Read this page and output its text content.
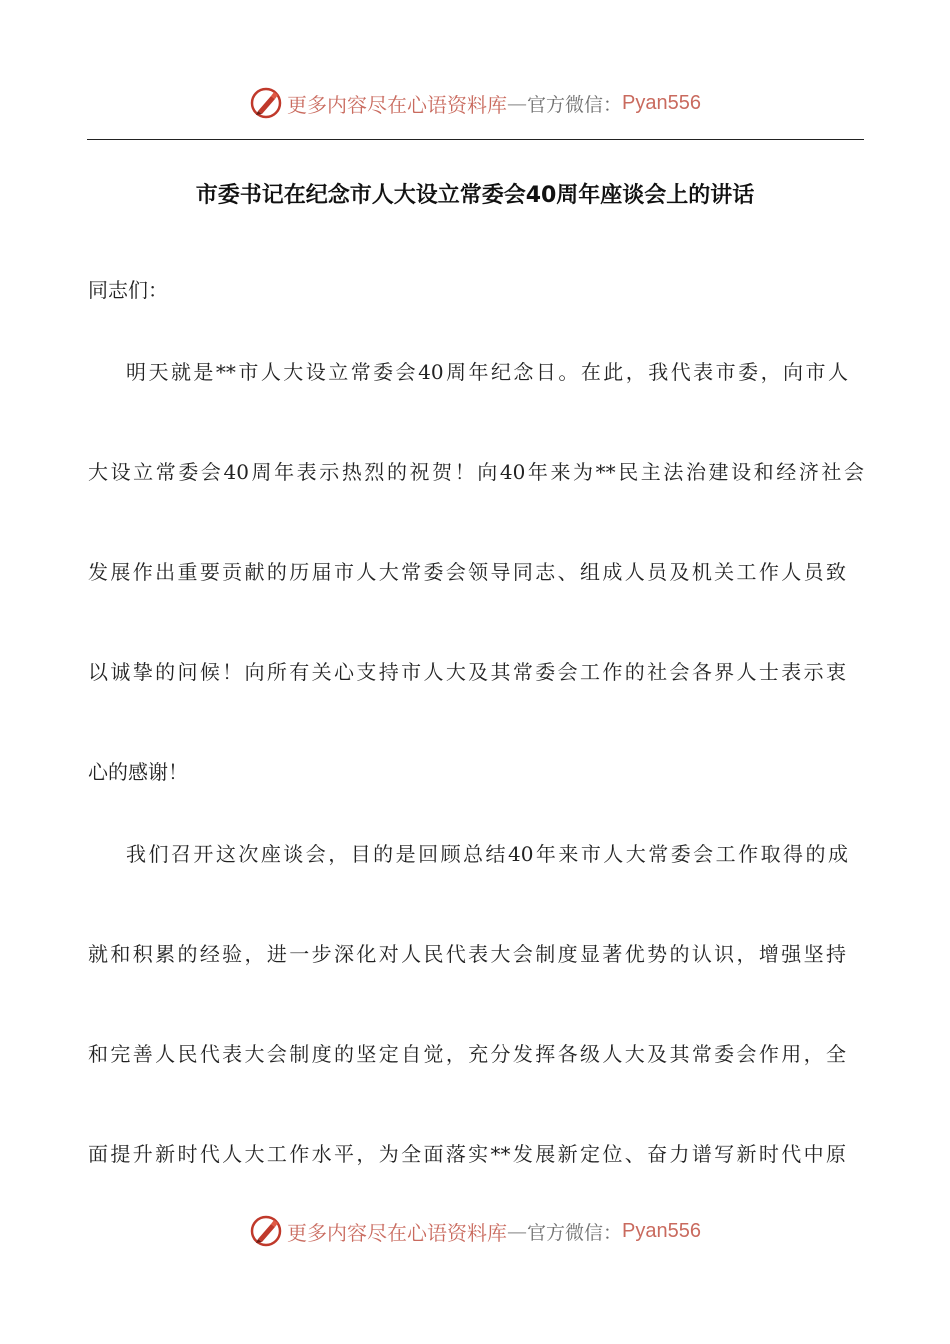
更多内容尽在心语资料库 — 官方微信： Pyan556
市委书记在纪念市人大设立常委会40周年座谈会上的讲话
同志们：
明天就是**市人大设立常委会40周年纪念日。在此，我代表市委，向市人
大设立常委会40周年表示热烈的祝贺！向40年来为**民主法治建设和经济社会
发展作出重要贡献的历届市人大常委会领导同志、组成人员及机关工作人员致
以诚挚的问候！向所有关心支持市人大及其常委会工作的社会各界人士表示衷
心的感谢！
我们召开这次座谈会，目的是回顾总结40年来市人大常委会工作取得的成
就和积累的经验，进一步深化对人民代表大会制度显著优势的认识，增强坚持
和完善人民代表大会制度的坚定自觉，充分发挥各级人大及其常委会作用，全
面提升新时代人大工作水平，为全面落实**发展新定位、奋力谱写新时代中原
更多内容尽在心语资料库 — 官方微信： Pyan556
